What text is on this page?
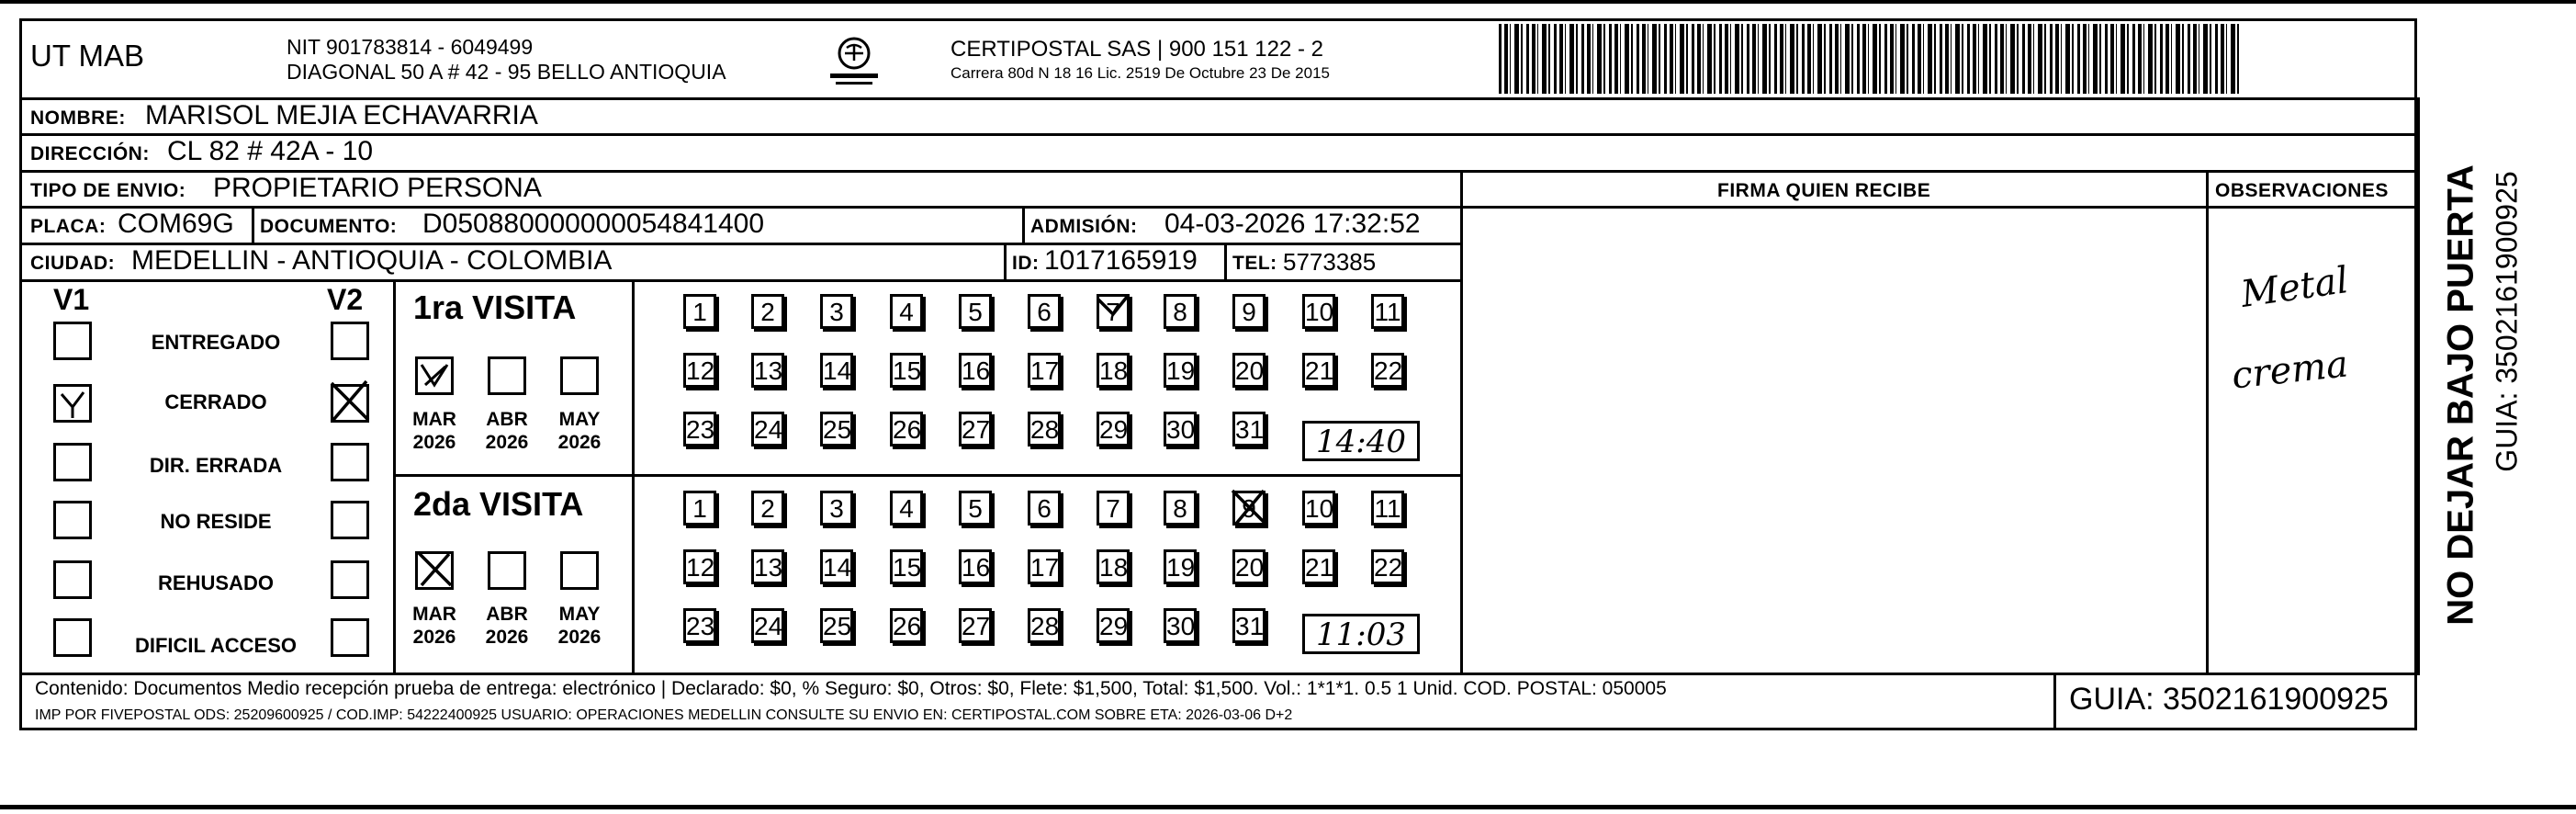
UT MAB	NIT 901783814 - 6049499
DIAGONAL 50 A # 42 - 95 BELLO ANTIOQUIA
CERTIPOSTAL SAS | 900 151 122 - 2
Carrera 80d N 18 16 Lic. 2519 De Octubre 23 De 2015
NOMBRE: MARISOL MEJIA ECHAVARRIA
DIRECCIÓN: CL 82 # 42A - 10
TIPO DE ENVIO: PROPIETARIO PERSONA	FIRMA QUIEN RECIBE	OBSERVACIONES
PLACA: COM69G DOCUMENTO: D050880000000054841400	ADMISIÓN: 04-03-2026 17:32:52
CIUDAD: MEDELLIN - ANTIOQUIA - COLOMBIA	ID: 1017165919 TEL: 5773385
V1	V2
ENTREGADO
CERRADO
DIR. ERRADA
NO RESIDE
REHUSADO
DIFICIL ACCESO
1ra VISITA
MAR
2026
ABR
2026
MAY
2026
1	2	3	4	5	6	7	8	9	10 11
12 13 14 15 16 17 18 19 20 21 22
23 24 25 26 27 28 29 30 31	14:40
2da VISITA
MAR
2026
ABR
2026
MAY
2026
1	2	3	4	5	6	7	8	9	10 11
12 13 14 15 16 17 18 19 20 21 22
23 24 25 26 27 28 29 30 31	11:03
Metal
crema NO DEJAR BAJO PUERTA GUIA: 3502161900925
Contenido: Documentos Medio recepción prueba de entrega: electrónico | Declarado: $0, % Seguro: $0, Otros: $0, Flete: $1,500, Total: $1,500. Vol.: 1*1*1. 0.5 1 Unid. COD. POSTAL: 050005
IMP POR FIVEPOSTAL ODS: 25209600925 / COD.IMP: 54222400925 USUARIO: OPERACIONES MEDELLIN CONSULTE SU ENVIO EN: CERTIPOSTAL.COM SOBRE ETA: 2026-03-06 D+2	GUIA: 3502161900925
